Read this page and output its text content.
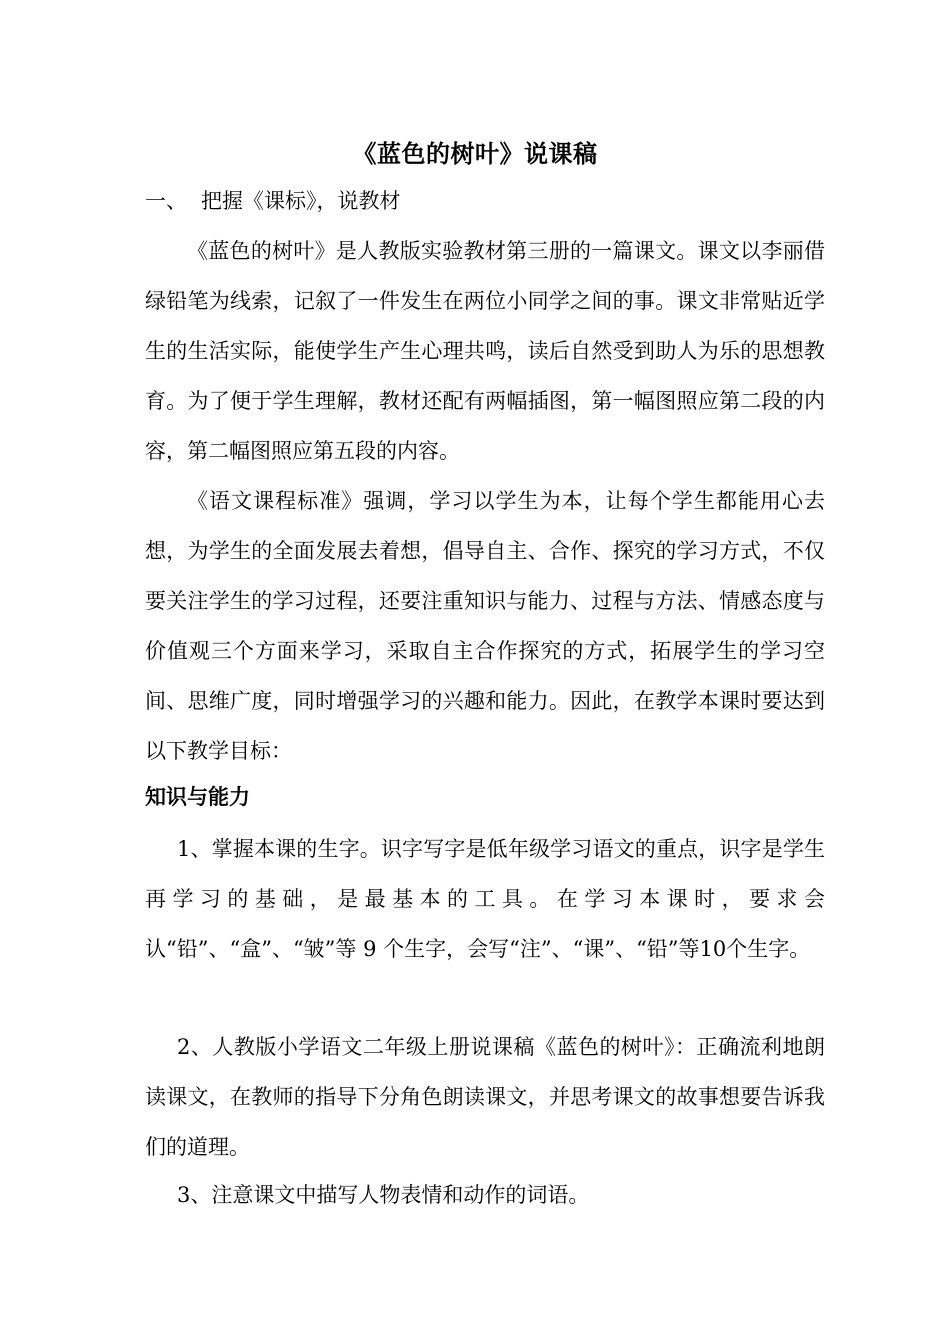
《蓝色的树叶》说课稿
一、 把握《课标》，说教材

《蓝色的树叶》是人教版实验教材第三册的一篇课文。课文以李丽借绿铅笔为线索，记叙了一件发生在两位小同学之间的事。课文非常贴近学生的生活实际，能使学生产生心理共鸣，读后自然受到助人为乐的思想教育。为了便于学生理解，教材还配有两幅插图，第一幅图照应第二段的内容，第二幅图照应第五段的内容。

《语文课程标准》强调，学习以学生为本，让每个学生都能用心去想，为学生的全面发展去着想，倡导自主、合作、探究的学习方式，不仅要关注学生的学习过程，还要注重知识与能力、过程与方法、情感态度与价值观三个方面来学习，采取自主合作探究的方式，拓展学生的学习空间、思维广度，同时增强学习的兴趣和能力。因此，在教学本课时要达到以下教学目标：

知识与能力

1、掌握本课的生字。识字写字是低年级学习语文的重点，识字是学生再学习的基础，是最基本的工具。在学习本课时，要求会认“铅”、“盒”、“皱”等 9 个生字，会写“注”、“课”、“铅”等10个生字。

2、人教版小学语文二年级上册说课稿《蓝色的树叶》：正确流利地朗读课文，在教师的指导下分角色朗读课文，并思考课文的故事想要告诉我们的道理。

3、注意课文中描写人物表情和动作的词语。
